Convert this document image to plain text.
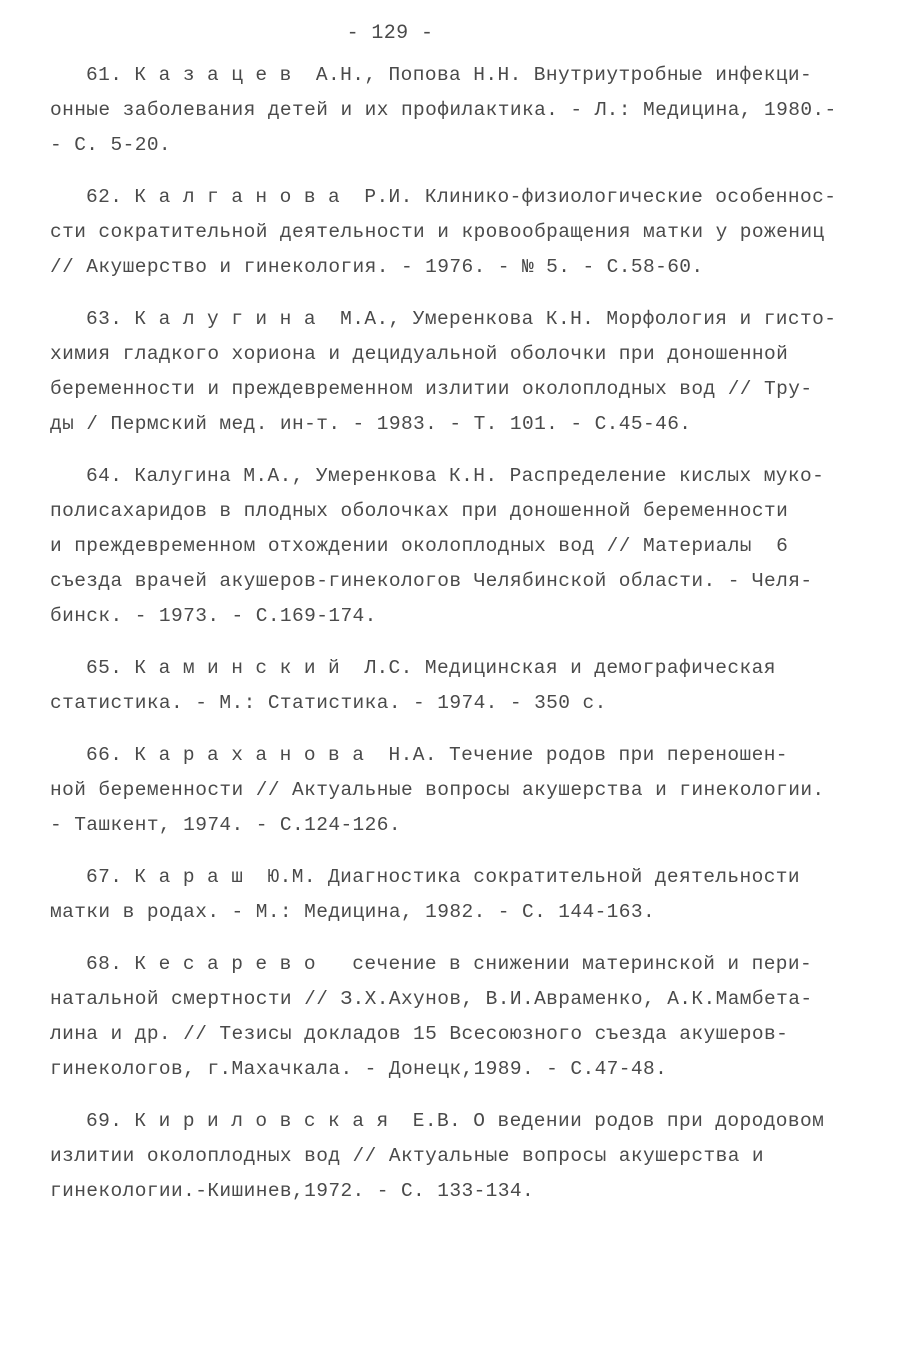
- 129 -
61. К а з а ц е в  А.Н., Попова Н.Н. Внутриутробные инфекци-
онные заболевания детей и их профилактика. - Л.: Медицина, 1980.-
- С. 5-20.
62. К а л г а н о в а  Р.И. Клинико-физиологические особеннос-
сти сократительной деятельности и кровообращения матки у рожениц
// Акушерство и гинекология. - 1976. - № 5. - С.58-60.
63. К а л у г и н а  М.А., Умеренкова К.Н. Морфология и гисто-
химия гладкого хориона и децидуальной оболочки при доношенной
беременности и преждевременном излитии околоплодных вод // Тру-
ды / Пермский мед. ин-т. - 1983. - Т. 101. - С.45-46.
64. Калугина М.А., Умеренкова К.Н. Распределение кислых муко-
полисахаридов в плодных оболочках при доношенной беременности
и преждевременном отхождении околоплодных вод // Материалы  6
съезда врачей акушеров-гинекологов Челябинской области. - Челя-
бинск. - 1973. - С.169-174.
65. К а м и н с к и й  Л.С. Медицинская и демографическая
статистика. - М.: Статистика. - 1974. - 350 с.
66. К а р а х а н о в а  Н.А. Течение родов при переношен-
ной беременности // Актуальные вопросы акушерства и гинекологии.
- Ташкент, 1974. - С.124-126.
67. К а р а ш  Ю.М. Диагностика сократительной деятельности
матки в родах. - М.: Медицина, 1982. - С. 144-163.
68. К е с а р е в о   сечение в снижении материнской и пери-
натальной смертности // З.Х.Ахунов, В.И.Авраменко, А.К.Мамбета-
лина и др. // Тезисы докладов 15 Всесоюзного съезда акушеров-
гинекологов, г.Махачкала. - Донецк,1989. - С.47-48.
69. К и р и л о в с к а я  Е.В. О ведении родов при дородовом
излитии околоплодных вод // Актуальные вопросы акушерства и
гинекологии.-Кишинев,1972. - С. 133-134.
